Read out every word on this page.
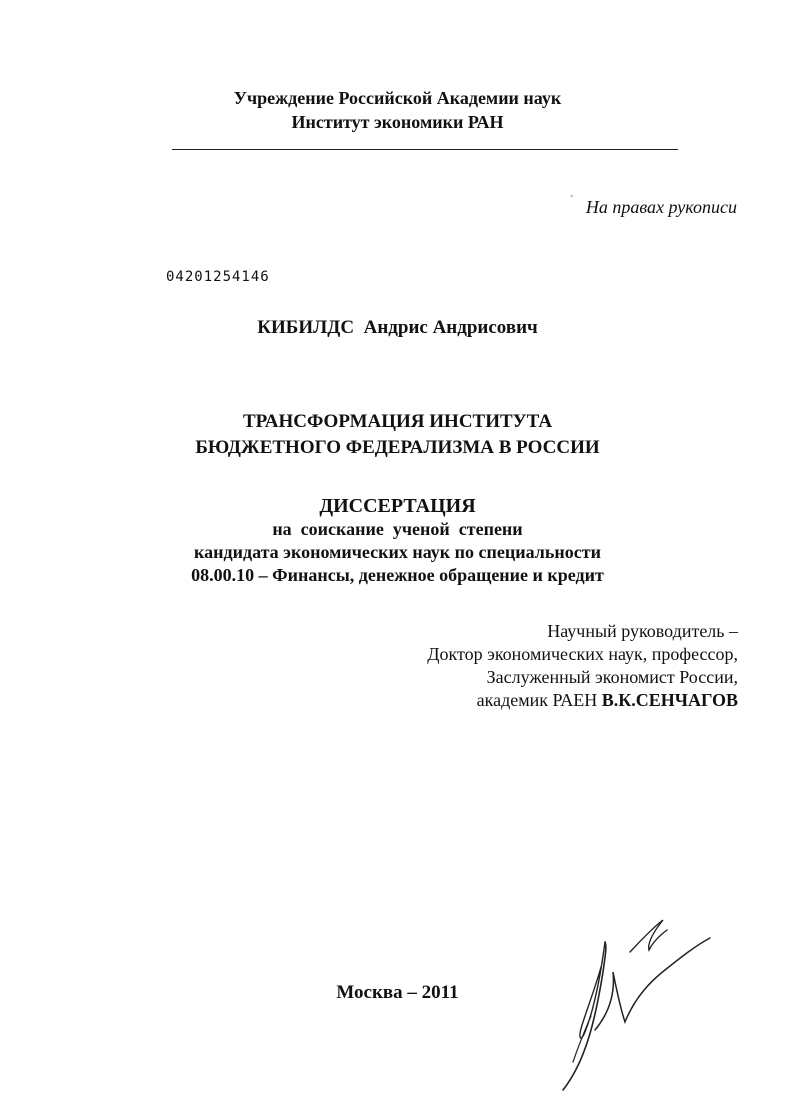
Учреждение Российской Академии наук
Институт экономики РАН
` На правах рукописи
04201254146
КИБИЛДС Андрис Андрисович
ТРАНСФОРМАЦИЯ ИНСТИТУТА
БЮДЖЕТНОГО ФЕДЕРАЛИЗМА В РОССИИ
ДИССЕРТАЦИЯ
на  соискание  ученой  степени
кандидата экономических наук по специальности
08.00.10 – Финансы, денежное обращение и кредит
Научный руководитель –
Доктор экономических наук, профессор,
Заслуженный экономист России,
академик РАЕН В.К.СЕНЧАГОВ
Москва – 2011
